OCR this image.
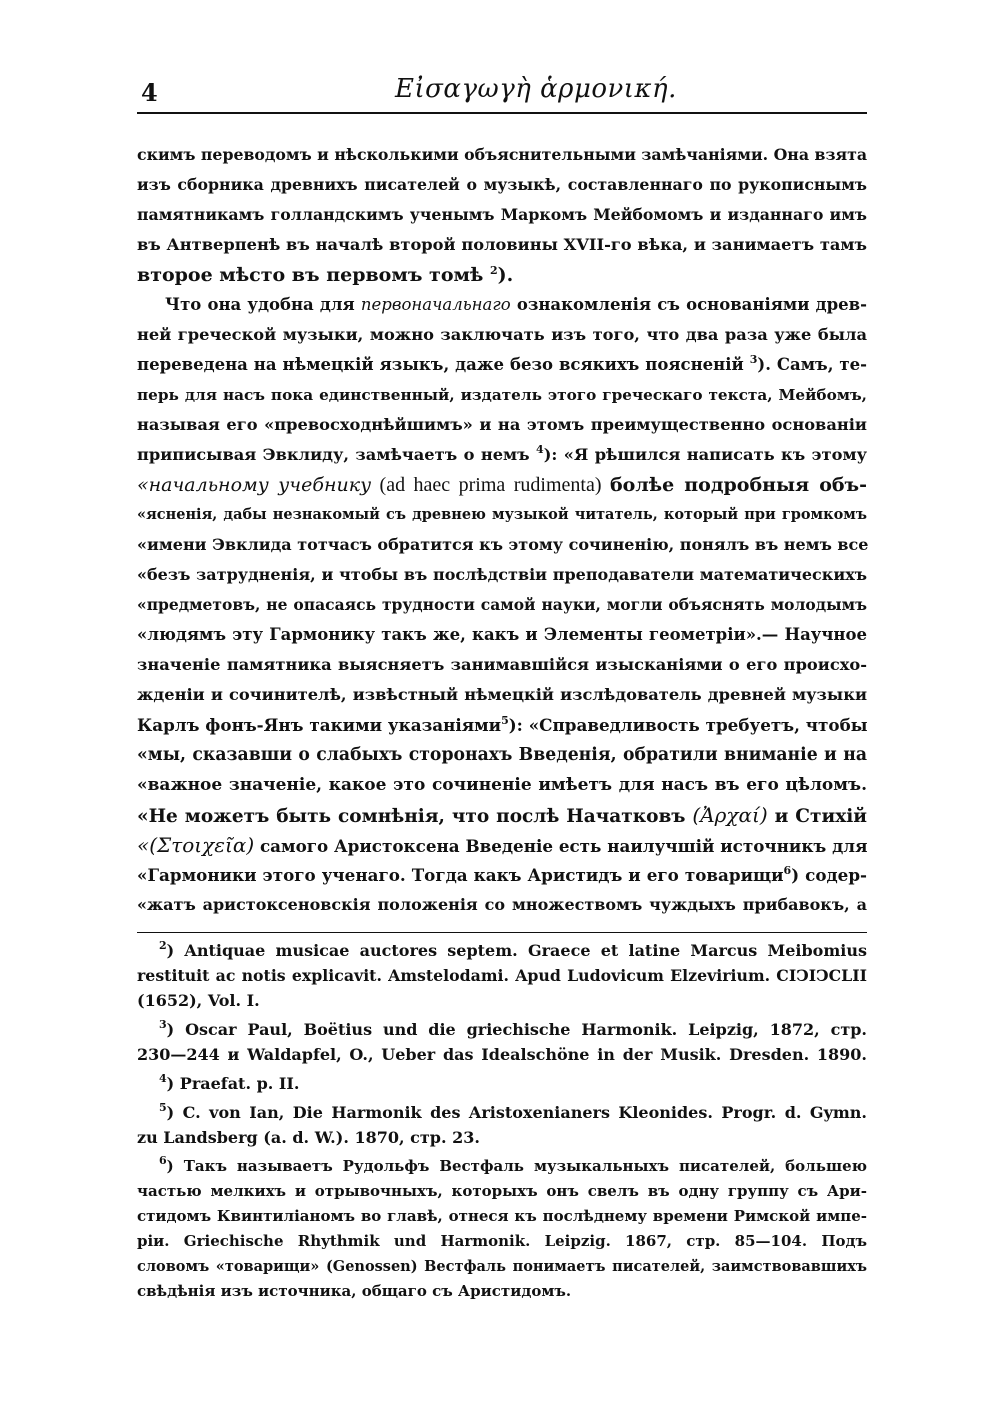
4	Εἰσαγωγὴ ἁρμονική.
скимъ переводомъ и нѣсколькими объяснительными замѣчаніями. Она взята
изъ сборника древнихъ писателей о музыкѣ, составленнаго по рукописнымъ
памятникамъ голландскимъ ученымъ Маркомъ Мейбомомъ и изданнаго имъ
въ Антверпенѣ въ началѣ второй половины XVII-го вѣка, и занимаетъ тамъ
второе мѣсто въ первомъ томѣ $^2$).
Что она удобна для первоначальнаго ознакомленія съ основаніями древ-
ней греческой музыки, можно заключать изъ того, что два раза уже была
переведена на нѣмецкій языкъ, даже безо всякихъ поясненій $^3$). Самъ, те-
перь для насъ пока единственный, издатель этого греческаго текста, Мейбомъ,
называя его «превосходнѣйшимъ» и на этомъ преимущественно основаніи
приписывая Эвклиду, замѣчаетъ о немъ $^4$): «Я рѣшился написать къ этому
«начальному учебнику (ad haec prima rudimenta) болѣе подробныя объ-
«ясненія, дабы незнакомый съ древнею музыкой читатель, который при громкомъ
«имени Эвклида тотчасъ обратится къ этому сочиненію, понялъ въ немъ все
«безъ затрудненія, и чтобы въ послѣдствіи преподаватели математическихъ
«предметовъ, не опасаясь трудности самой науки, могли объяснять молодымъ
«людямъ эту Гармонику такъ же, какъ и Элементы геометріи».— Научное
значеніе памятника выясняетъ занимавшійся изысканіями о его происхо-
жденіи и сочинителѣ, извѣстный нѣмецкій изслѣдователь древней музыки
Карлъ фонъ-Янъ такими указаніями$^5$): «Справедливость требуетъ, чтобы
«мы, сказавши о слабыхъ сторонахъ Введенія, обратили вниманіе и на
«важное значеніе, какое это сочиненіе имѣетъ для насъ въ его цѣломъ.
«Не можетъ быть сомнѣнія, что послѣ Начатковъ (Ἀρχαί) и Стихій
«(Στοιχεῖα) самого Аристоксена Введеніе есть наилучшій источникъ для
«Гармоники этого ученаго. Тогда какъ Аристидъ и его товарищи$^6$) содер-
«жатъ аристоксеновскія положенія со множествомъ чуждыхъ прибавокъ, а
$^2$) Antiquae musicae auctores septem. Graece et latine Marcus Meibomius
restituit ac notis explicavit. Amstelodami. Apud Ludovicum Elzevirium. CIϽIϽCLII
(1652), Vol. I.
$^3$) Oscar Paul, Boëtius und die griechische Harmonik. Leipzig, 1872, стр.
230—244 и Waldapfel, O., Ueber das Idealschöne in der Musik. Dresden. 1890.
$^4$) Praefat. p. II.
$^5$) C. von Ian, Die Harmonik des Aristoxenianers Kleonides. Progr. d. Gymn.
zu Landsberg (a. d. W.). 1870, стр. 23.
$^6$) Такъ называетъ Рудольфъ Вестфаль музыкальныхъ писателей, большею
частью мелкихъ и отрывочныхъ, которыхъ онъ свелъ въ одну группу съ Ари-
стидомъ Квинтиліаномъ во главѣ, отнеся къ послѣднему времени Римской импе-
ріи. Griechische Rhythmik und Harmonik. Leipzig. 1867, стр. 85—104. Подъ
словомъ «товарищи» (Genossen) Вестфаль понимаетъ писателей, заимствовавшихъ
свѣдѣнія изъ источника, общаго съ Аристидомъ.
